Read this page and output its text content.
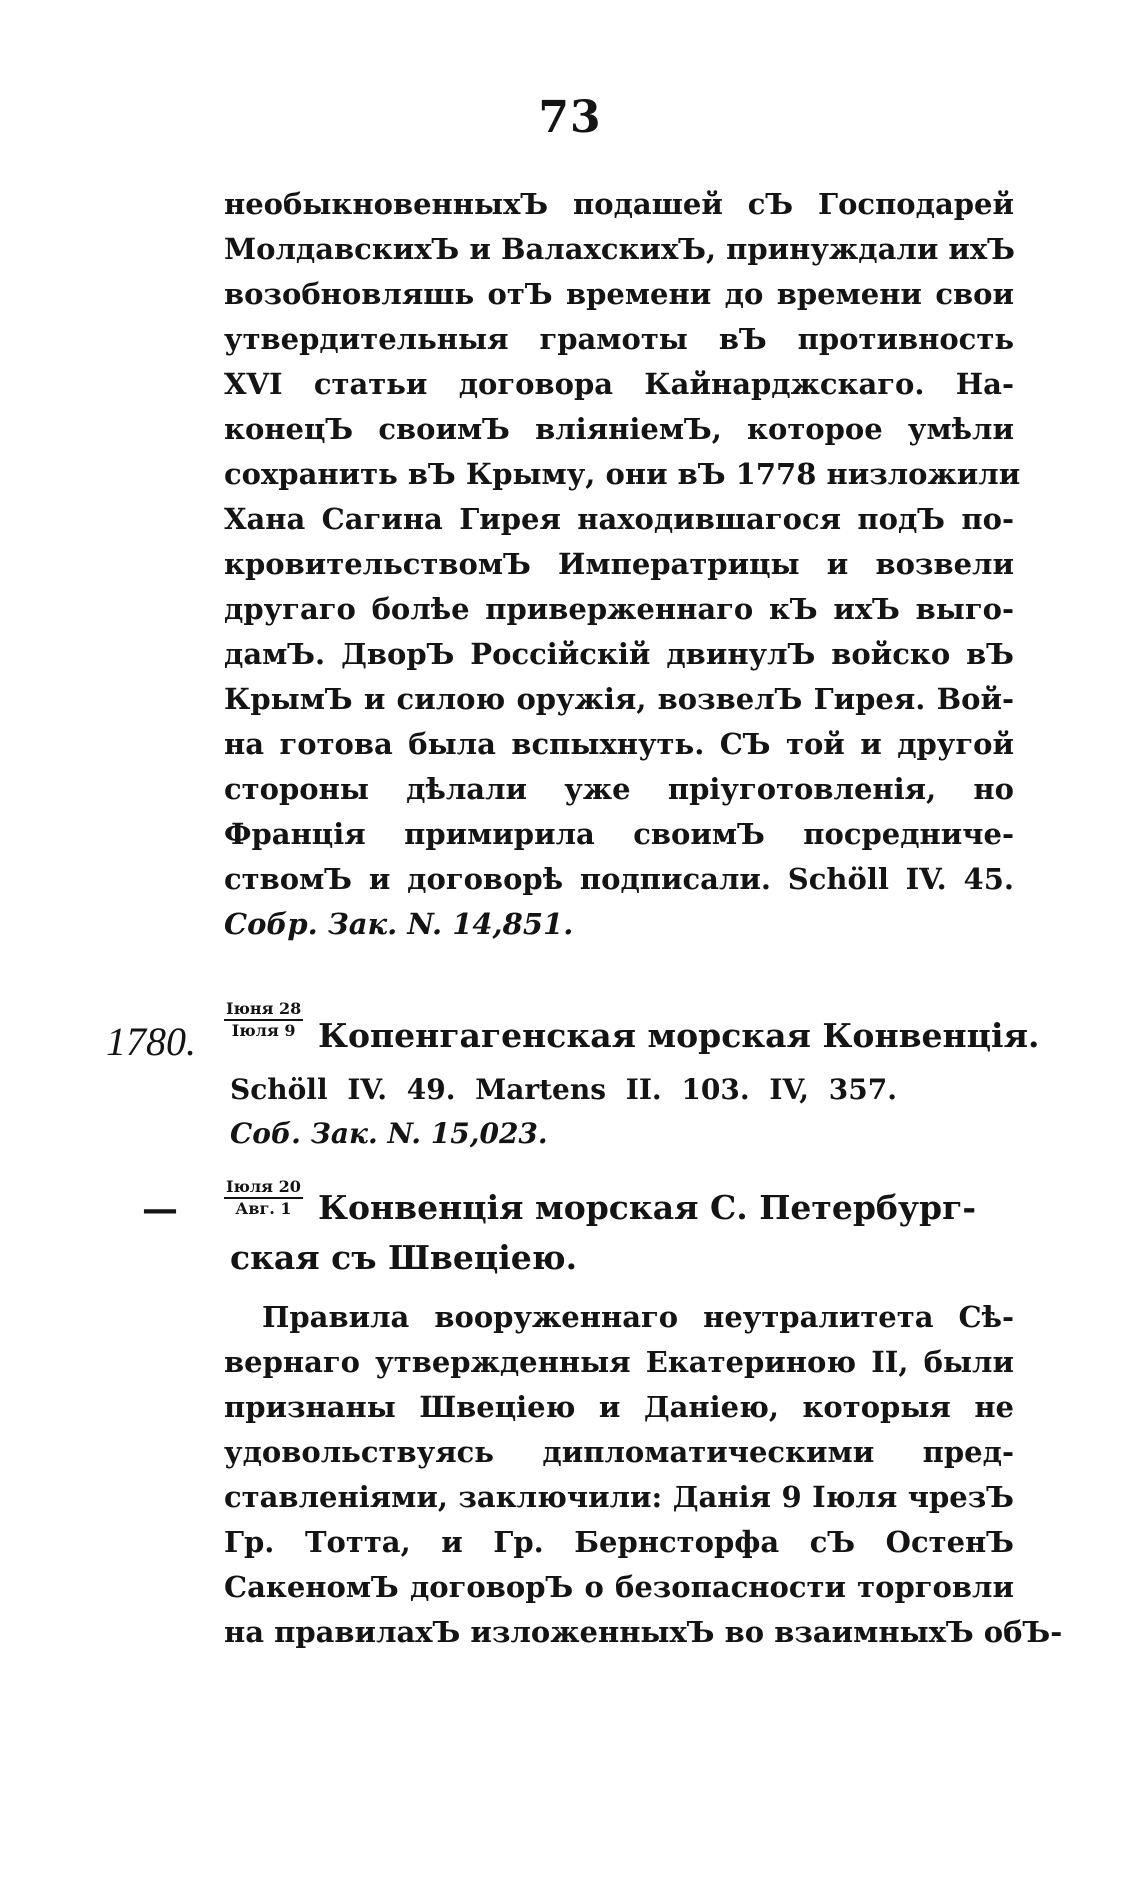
73
необыкновенныхЪ подашей сЪ Господарей
МолдавскихЪ и ВалахскихЪ, принуждали ихЪ
возобновляшь отЪ времени до времени свои
утвердительныя грамоты вЪ противность
XVI статьи договора Кайнарджскаго. На-
конецЪ своимЪ вліяніемЪ, которое умѣли
сохранить вЪ Крыму, они вЪ 1778 низложили
Хана Сагина Гирея находившагося подЪ по-
кровительствомЪ Императрицы и возвели
другаго болѣе приверженнаго кЪ ихЪ выго-
дамЪ. ДворЪ Россійскій двинулЪ войско вЪ
КрымЪ и силою оружія, возвелЪ Гирея. Вой-
на готова была вспыхнуть. СЪ той и другой
стороны дѣлали уже пріуготовленія, но
Франція примирила своимЪ посредниче-
ствомЪ и договорѣ подписали. Schöll IV. 45.
Собр. Зак. N. 14,851.
1780.
Іюня 28
Іюля 9 Копенгагенская морская Конвенція.
Schöll IV. 49. Martens II. 103. IV, 357.
Соб. Зак. N. 15,023.
—
Іюля 20
Авг. 1 Конвенція морская С. Петербург-
ская съ Швеціею.
Правила вооруженнаго неутралитета Сѣ-
вернаго утвержденныя Екатериною II, были
признаны Швеціею и Даніею, которыя не
удовольствуясь дипломатическими пред-
ставленіями, заключили: Данія 9 Іюля чрезЪ
Гр. Тотта, и Гр. Бернсторфа сЪ ОстенЪ
СакеномЪ договорЪ о безопасности торговли
на правилахЪ изложенныхЪ во взаимныхЪ обЪ-
